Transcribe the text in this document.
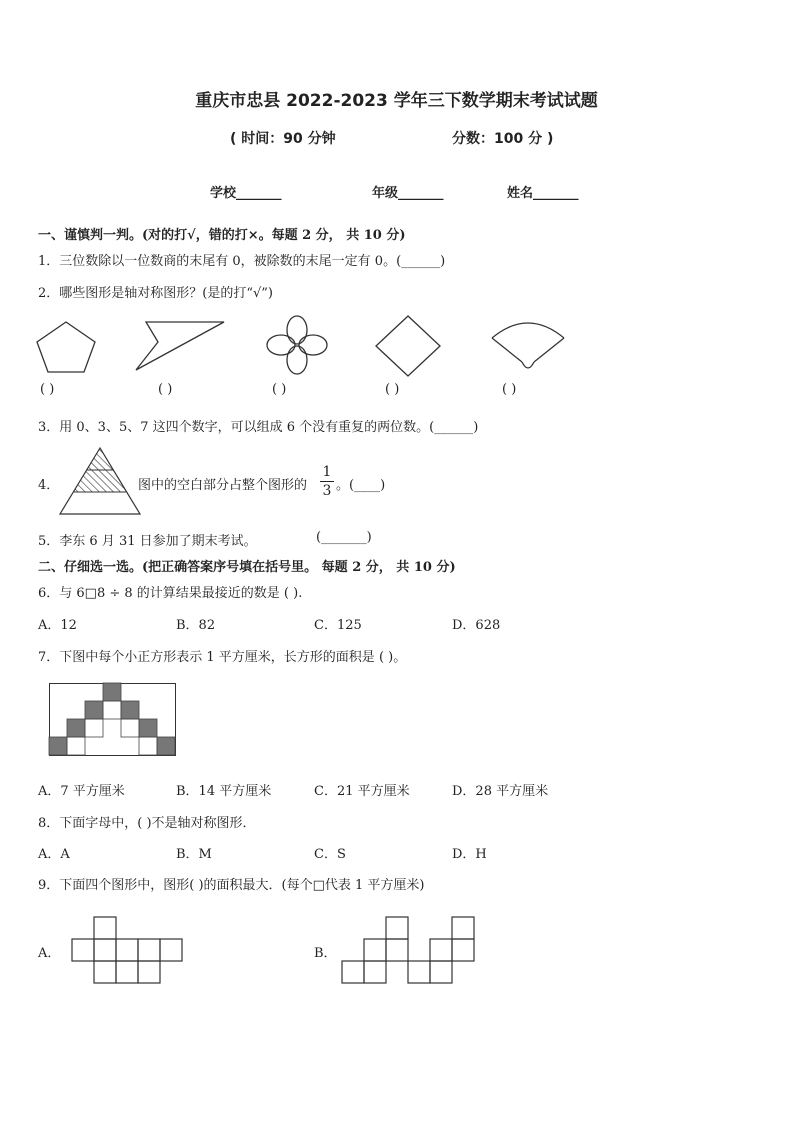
重庆市忠县 2022-2023 学年三下数学期末考试试题
( 时间：90 分钟	分数：100 分 )
学校_______	年级_______	姓名_______
一、谨慎判一判。(对的打√，错的打×。每题 2 分， 共 10 分)
1．三位数除以一位数商的末尾有 0，被除数的末尾一定有 0。(______)
2．哪些图形是轴对称图形？(是的打“√”)
( )	( )	( )	( )	( )
3．用 0、3、5、7 这四个数字，可以组成 6 个没有重复的两位数。(______)
4．	图中的空白部分占整个图形的
1
3 。(____)
5．李东 6 月 31 日参加了期末考试。	(_______)
二、仔细选一选。(把正确答案序号填在括号里。 每题 2 分， 共 10 分)
6．与 6□8 ÷ 8 的计算结果最接近的数是 ( ).
A．12	B．82	C．125	D．628
7．下图中每个小正方形表示 1 平方厘米，长方形的面积是 ( )。
A．7 平方厘米	B．14 平方厘米	C．21 平方厘米	D．28 平方厘米
8．下面字母中，( )不是轴对称图形．
A．A	B．M	C．S	D．H
9．下面四个图形中，图形( )的面积最大．(每个□代表 1 平方厘米)
A．	B．
